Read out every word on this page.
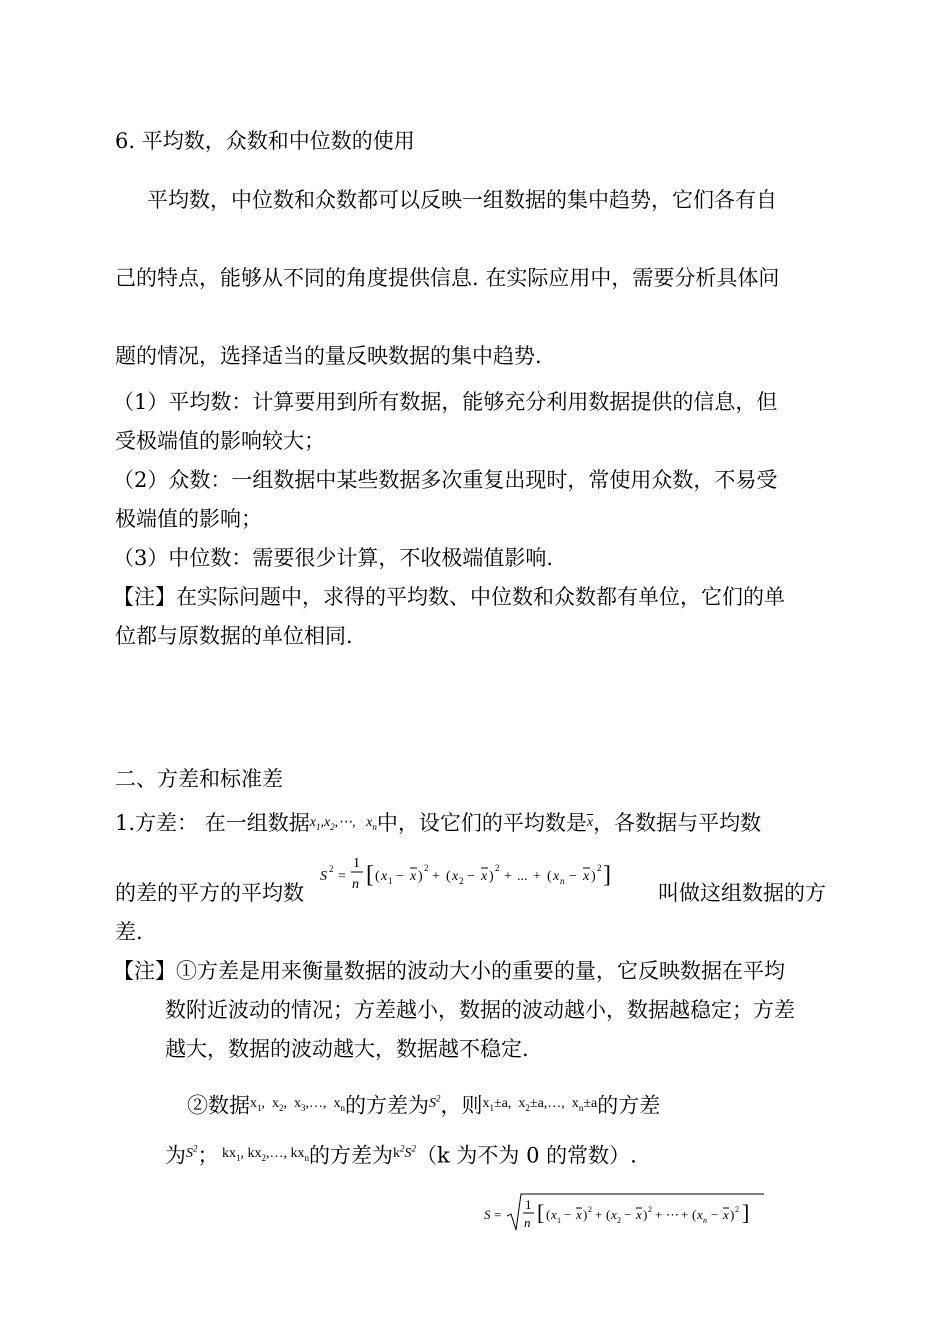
6. 平均数，众数和中位数的使用
平均数，中位数和众数都可以反映一组数据的集中趋势，它们各有自
己的特点，能够从不同的角度提供信息. 在实际应用中，需要分析具体问
题的情况，选择适当的量反映数据的集中趋势.
（1）平均数：计算要用到所有数据，能够充分利用数据提供的信息，但
受极端值的影响较大；
（2）众数：一组数据中某些数据多次重复出现时，常使用众数，不易受
极端值的影响；
（3）中位数：需要很少计算，不收极端值影响.
【注】在实际问题中，求得的平均数、中位数和众数都有单位，它们的单
位都与原数据的单位相同.
二、方差和标准差
1.方差： 在一组数据$x_1,x_2,\cdots$,   $x_n$中，设它们的平均数是$\overline{x}$，各数据与平均数
的差的平方的平均数
S 2 =
1
n [ ( x 1 − x )
2
+ ( x 2 − x )
2
+ ... + ( x n − x )
2 ]
叫做这组数据的方
差.
【注】①方差是用来衡量数据的波动大小的重要的量，它反映数据在平均
数附近波动的情况；方差越小，数据的波动越小，数据越稳定；方差
越大，数据的波动越大，数据越不稳定.
②数据$^{x_1, x_2, x_3,\dots, x_n}$的方差为$^{S^2}$，则$^{x_1\pm a, x_2\pm a,\dots, x_n\pm a}$的方差
为$^{S^2}$； $^{kx_1, kx_2,\dots, kx_n}$的方差为$^{k^2S^2}$（k 为不为 0 的常数）.
S =
1
n [ ( x 1 − x ) 2 + ( x 2 − x ) 2 + ⋯ + ( x n − x ) 2 ]
